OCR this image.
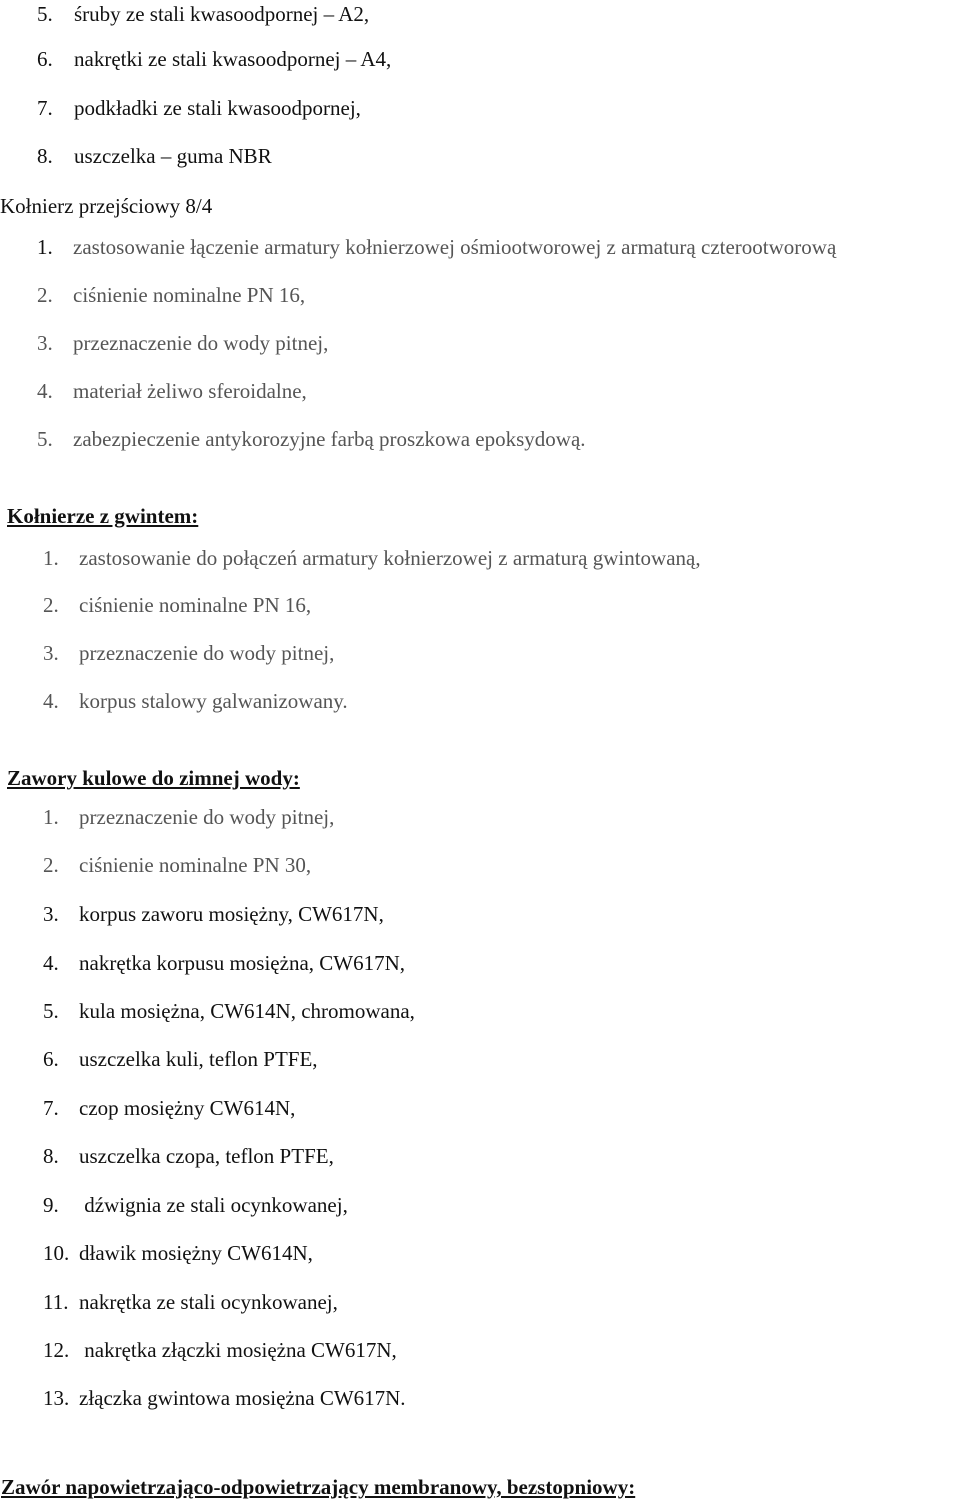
5. śruby ze stali kwasoodpornej – A2,
6. nakrętki ze stali kwasoodpornej – A4,
7. podkładki ze stali kwasoodpornej,
8. uszczelka – guma NBR
Kołnierz przejściowy 8/4
1. zastosowanie łączenie armatury kołnierzowej ośmiootworowej z armaturą czterootworową
2. ciśnienie nominalne PN 16,
3. przeznaczenie do wody pitnej,
4. materiał żeliwo sferoidalne,
5. zabezpieczenie antykorozyjne farbą proszkowa epoksydową.
Kołnierze z gwintem:
1. zastosowanie do połączeń armatury kołnierzowej z armaturą gwintowaną,
2. ciśnienie nominalne PN 16,
3. przeznaczenie do wody pitnej,
4. korpus stalowy galwanizowany.
Zawory kulowe do zimnej wody:
1. przeznaczenie do wody pitnej,
2. ciśnienie nominalne PN 30,
3. korpus zaworu mosiężny, CW617N,
4. nakrętka korpusu mosiężna, CW617N,
5. kula mosiężna, CW614N, chromowana,
6. uszczelka kuli, teflon PTFE,
7. czop mosiężny CW614N,
8. uszczelka czopa, teflon PTFE,
9. dźwignia ze stali ocynkowanej,
10. dławik mosiężny CW614N,
11. nakrętka ze stali ocynkowanej,
12. nakrętka złączki mosiężna CW617N,
13. złączka gwintowa mosiężna CW617N.
Zawór napowietrzająco-odpowietrzający membranowy, bezstopniowy:
